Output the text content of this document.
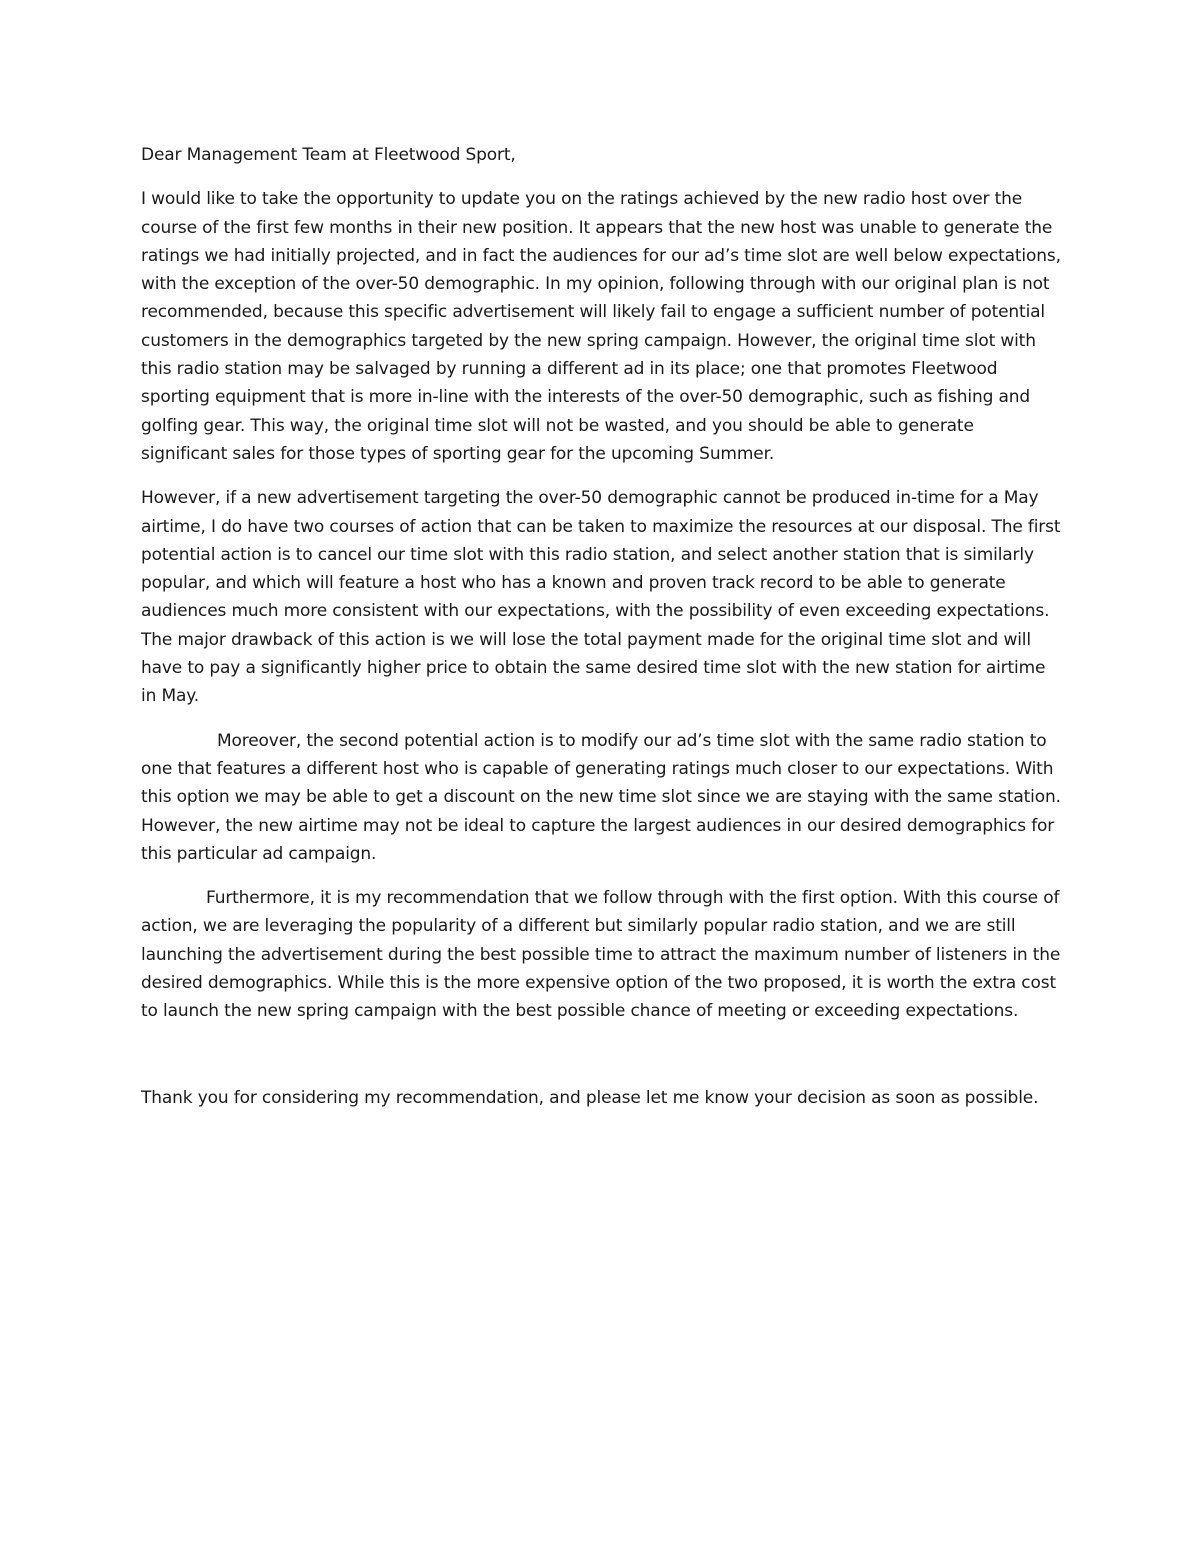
Dear Management Team at Fleetwood Sport,

I would like to take the opportunity to update you on the ratings achieved by the new radio host over the course of the first few months in their new position. It appears that the new host was unable to generate the ratings we had initially projected, and in fact the audiences for our ad’s time slot are well below expectations, with the exception of the over-50 demographic. In my opinion, following through with our original plan is not recommended, because this specific advertisement will likely fail to engage a sufficient number of potential customers in the demographics targeted by the new spring campaign. However, the original time slot with this radio station may be salvaged by running a different ad in its place; one that promotes Fleetwood sporting equipment that is more in-line with the interests of the over-50 demographic, such as fishing and golfing gear. This way, the original time slot will not be wasted, and you should be able to generate significant sales for those types of sporting gear for the upcoming Summer.

However, if a new advertisement targeting the over-50 demographic cannot be produced in-time for a May airtime, I do have two courses of action that can be taken to maximize the resources at our disposal. The first potential action is to cancel our time slot with this radio station, and select another station that is similarly popular, and which will feature a host who has a known and proven track record to be able to generate audiences much more consistent with our expectations, with the possibility of even exceeding expectations. The major drawback of this action is we will lose the total payment made for the original time slot and will have to pay a significantly higher price to obtain the same desired time slot with the new station for airtime in May.

Moreover, the second potential action is to modify our ad’s time slot with the same radio station to one that features a different host who is capable of generating ratings much closer to our expectations. With this option we may be able to get a discount on the new time slot since we are staying with the same station. However, the new airtime may not be ideal to capture the largest audiences in our desired demographics for this particular ad campaign.

Furthermore, it is my recommendation that we follow through with the first option. With this course of action, we are leveraging the popularity of a different but similarly popular radio station, and we are still launching the advertisement during the best possible time to attract the maximum number of listeners in the desired demographics. While this is the more expensive option of the two proposed, it is worth the extra cost to launch the new spring campaign with the best possible chance of meeting or exceeding expectations.

Thank you for considering my recommendation, and please let me know your decision as soon as possible.
